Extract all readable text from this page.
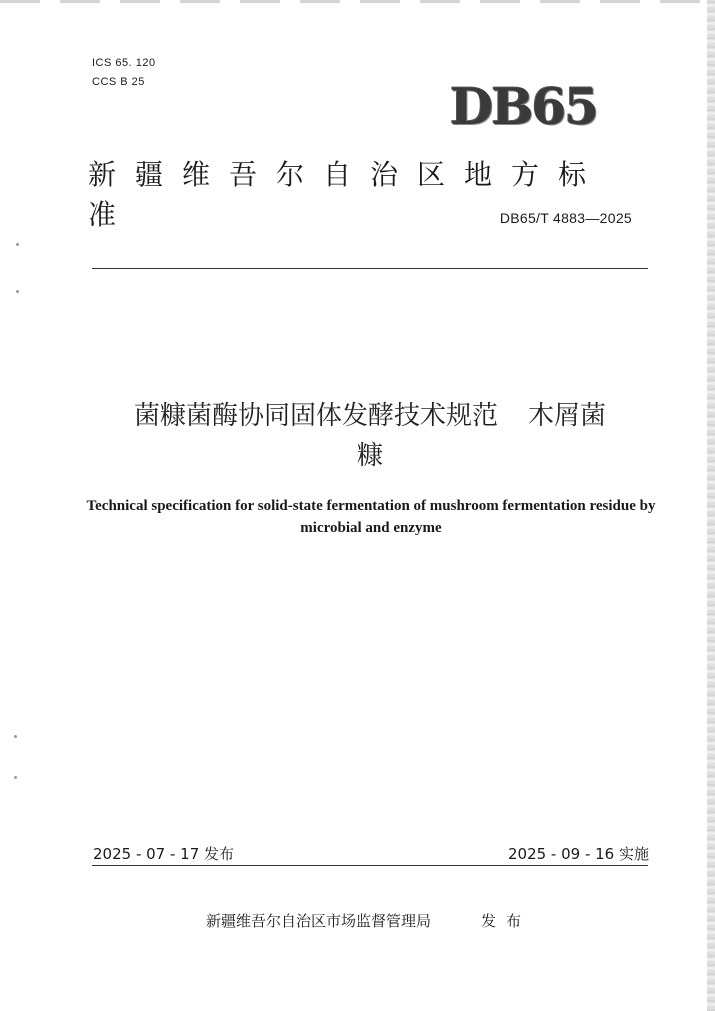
ICS 65. 120
CCS B 25	DB65
新疆维吾尔自治区地方标准	DB65/T 4883—2025
菌糠菌酶协同固体发酵技术规范 木屑菌
糠
Technical specification for solid-state fermentation of mushroom fermentation residue by microbial and enzyme
2025 - 07 - 17 发布	2025 - 09 - 16 实施
新疆维吾尔自治区市场监督管理局	发布
